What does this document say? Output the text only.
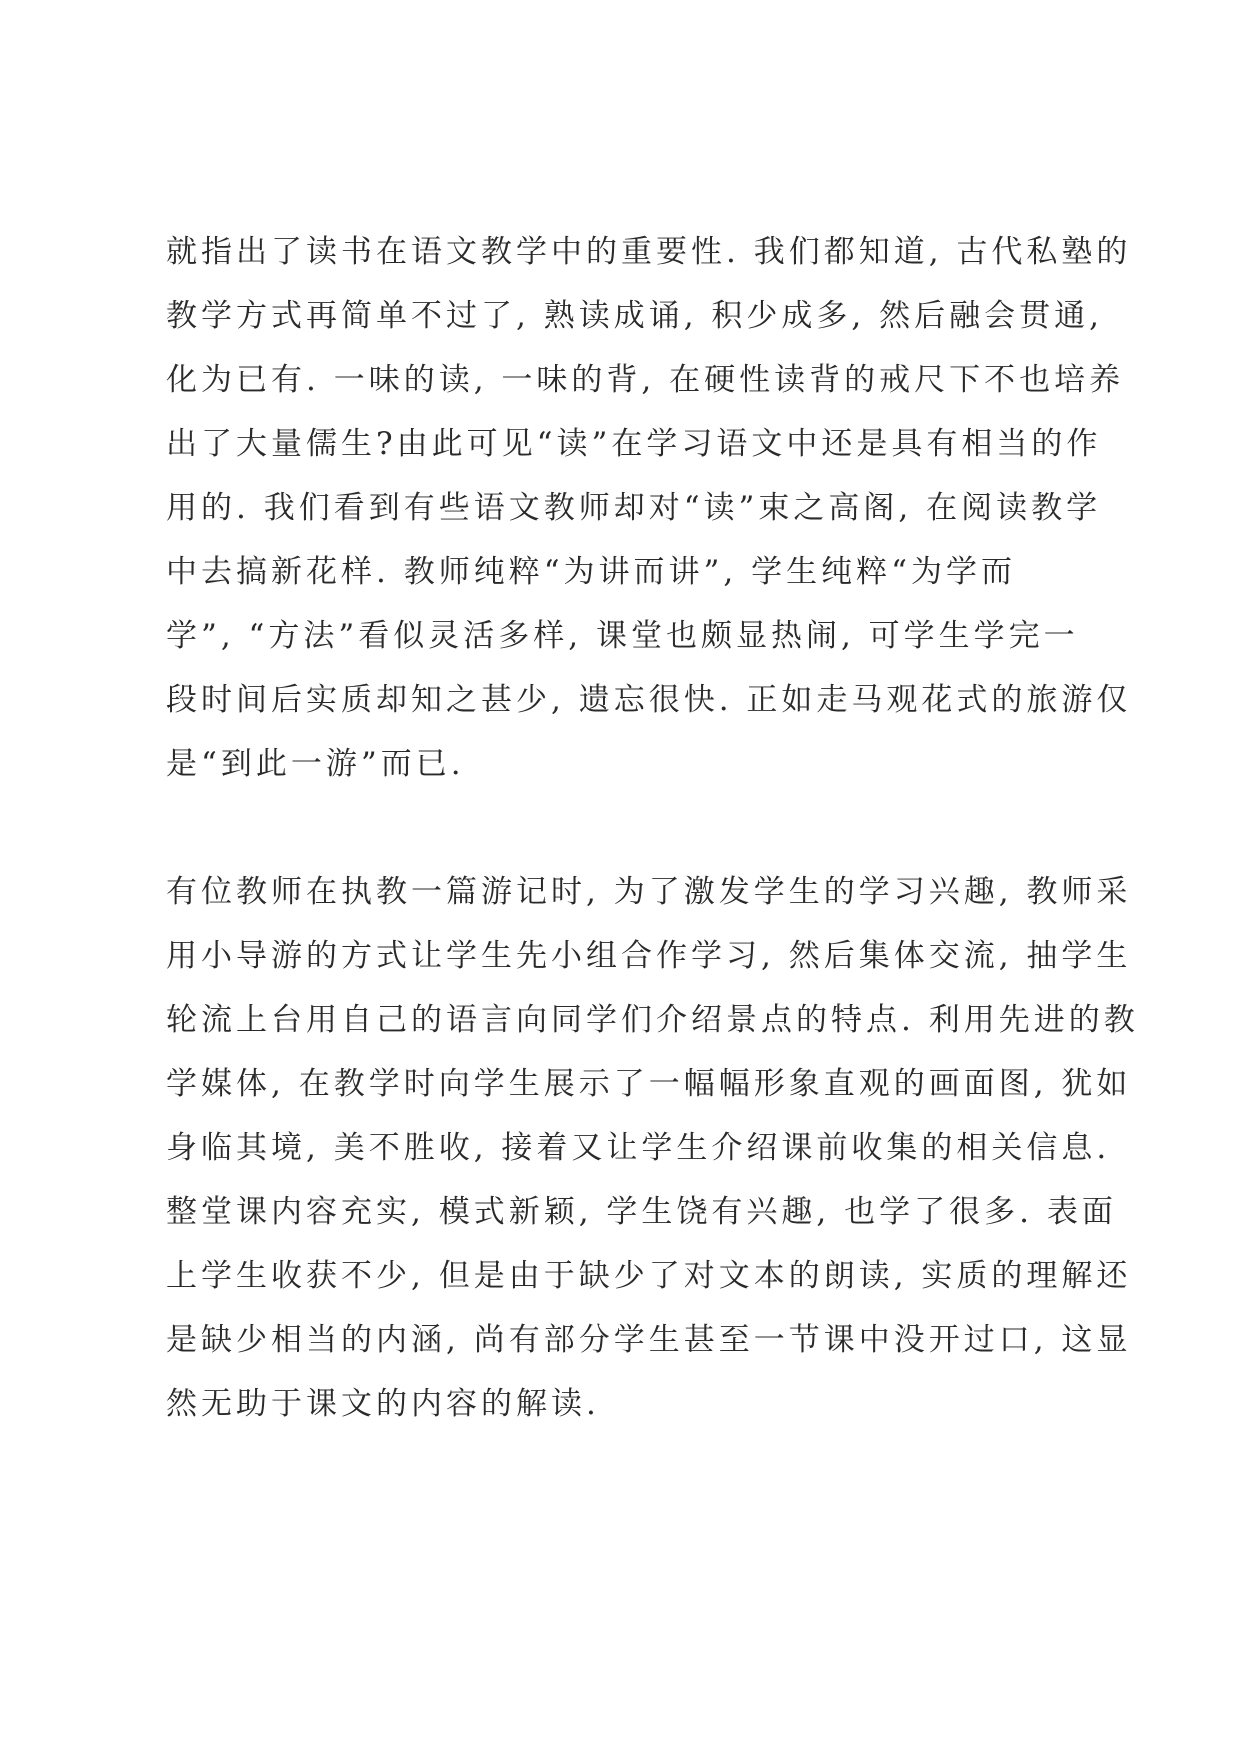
就指出了读书在语文教学中的重要性. 我们都知道, 古代私塾的
教学方式再简单不过了, 熟读成诵, 积少成多, 然后融会贯通,
化为已有. 一味的读, 一味的背, 在硬性读背的戒尺下不也培养
出了大量儒生?由此可见“读”在学习语文中还是具有相当的作
用的. 我们看到有些语文教师却对“读”束之高阁, 在阅读教学
中去搞新花样. 教师纯粹“为讲而讲”, 学生纯粹“为学而
学”, “方法”看似灵活多样, 课堂也颇显热闹, 可学生学完一
段时间后实质却知之甚少, 遗忘很快. 正如走马观花式的旅游仅
是“到此一游”而已.
有位教师在执教一篇游记时, 为了激发学生的学习兴趣, 教师采
用小导游的方式让学生先小组合作学习, 然后集体交流, 抽学生
轮流上台用自己的语言向同学们介绍景点的特点. 利用先进的教
学媒体, 在教学时向学生展示了一幅幅形象直观的画面图, 犹如
身临其境, 美不胜收, 接着又让学生介绍课前收集的相关信息.
整堂课内容充实, 模式新颖, 学生饶有兴趣, 也学了很多. 表面
上学生收获不少, 但是由于缺少了对文本的朗读, 实质的理解还
是缺少相当的内涵, 尚有部分学生甚至一节课中没开过口, 这显
然无助于课文的内容的解读.
